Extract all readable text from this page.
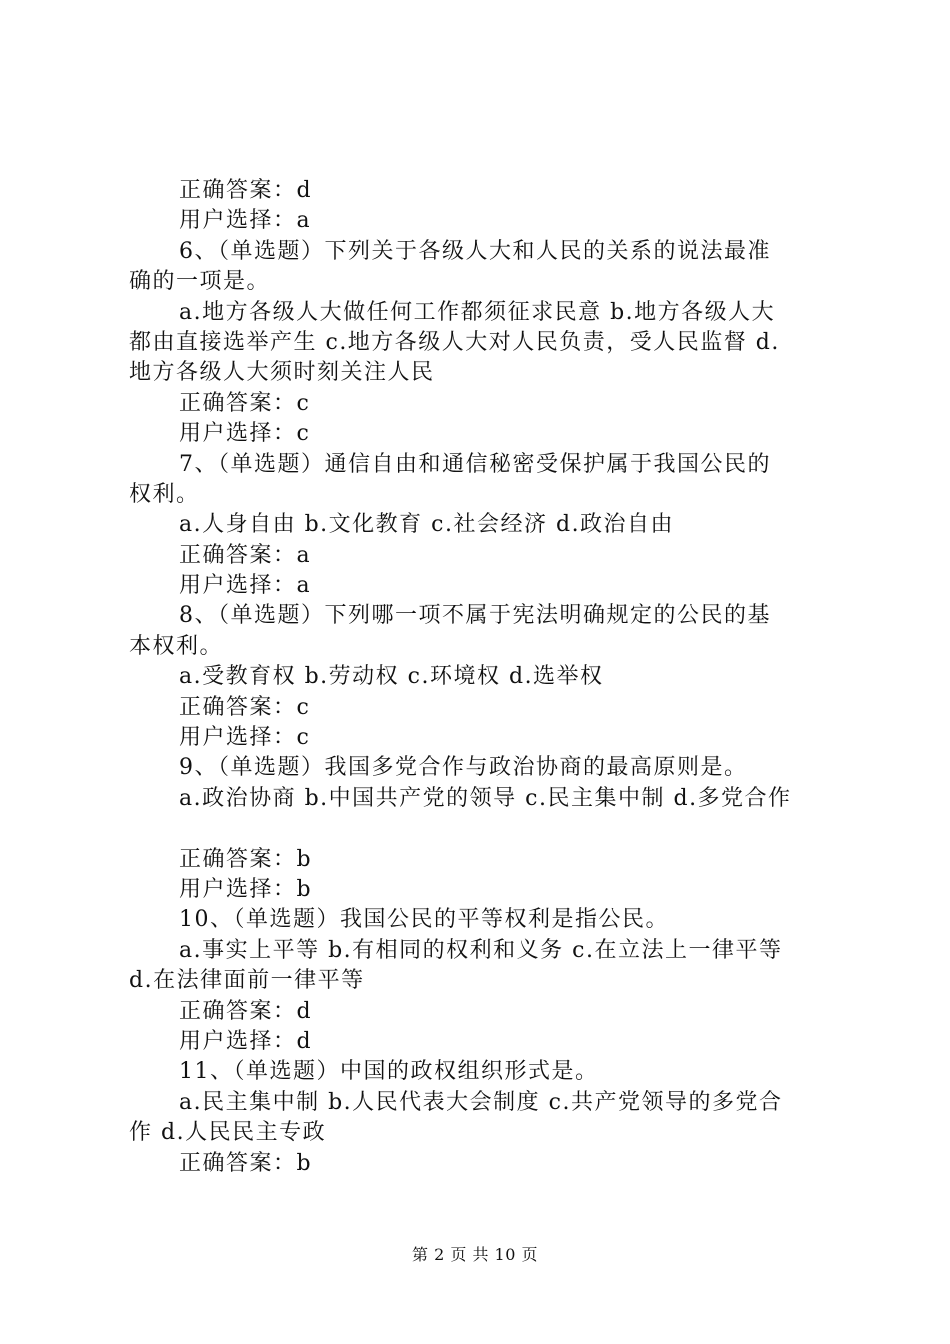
正确答案：d
用户选择：a
6、（单选题）下列关于各级人大和人民的关系的说法最准
确的一项是。
a.地方各级人大做任何工作都须征求民意 b.地方各级人大
都由直接选举产生 c.地方各级人大对人民负责，受人民监督 d.
地方各级人大须时刻关注人民
正确答案：c
用户选择：c
7、（单选题）通信自由和通信秘密受保护属于我国公民的
权利。
a.人身自由 b.文化教育 c.社会经济 d.政治自由
正确答案：a
用户选择：a
8、（单选题）下列哪一项不属于宪法明确规定的公民的基
本权利。
a.受教育权 b.劳动权 c.环境权 d.选举权
正确答案：c
用户选择：c
9、（单选题）我国多党合作与政治协商的最高原则是。
a.政治协商 b.中国共产党的领导 c.民主集中制 d.多党合作
正确答案：b
用户选择：b
10、（单选题）我国公民的平等权利是指公民。
a.事实上平等 b.有相同的权利和义务 c.在立法上一律平等
d.在法律面前一律平等
正确答案：d
用户选择：d
11、（单选题）中国的政权组织形式是。
a.民主集中制 b.人民代表大会制度 c.共产党领导的多党合
作 d.人民民主专政
正确答案：b
第 2 页 共 10 页
